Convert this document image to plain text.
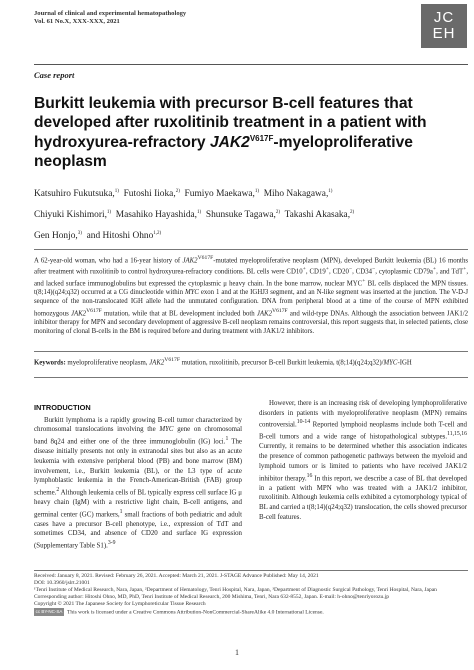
Journal of clinical and experimental hematopathology
Vol. 61 No.X, XXX-XXX, 2021	JC
EH
Case report
Burkitt leukemia with precursor B-cell features that
developed after ruxolitinib treatment in a patient with
hydroxyurea-refractory $JAK2^{V617F}$-myeloproliferative
neoplasm
Katsuhiro Fukutsuka,$^{1)}$ Futoshi Iioka,$^{2)}$ Fumiyo Maekawa,$^{1)}$ Miho Nakagawa,$^{1)}$
Chiyuki Kishimori,$^{1)}$ Masahiko Hayashida,$^{1)}$ Shunsuke Tagawa,$^{2)}$ Takashi Akasaka,$^{2)}$
Gen Honjo,$^{3)}$ and Hitoshi Ohno$^{1,2)}$
A 62-year-old woman, who had a 16-year history of $JAK2^{V617F}$-mutated myeloproliferative neoplasm (MPN), developed Burkitt leukemia (BL) 16 months after treatment with ruxolitinib to control hydroxyurea-refractory conditions. BL cells were CD10+, CD19+, CD20−, CD34−, cytoplasmic CD79a+, and TdT+, and lacked surface immunoglobulins but expressed the cytoplasmic μ heavy chain. In the bone marrow, nuclear MYC+ BL cells displaced the MPN tissues. t(8;14)(q24;q32) occurred at a CG dinucleotide within MYC exon 1 and at the IGHJ3 segment, and an N-like segment was inserted at the junction. The V-D-J sequence of the non-translocated IGH allele had the unmutated configuration. DNA from peripheral blood at a time of the course of MPN exhibited homozygous $JAK2^{V617F}$ mutation, while that at BL development included both $JAK2^{V617F}$ and wild-type DNAs. Although the association between JAK1/2 inhibitor therapy for MPN and secondary development of aggressive B-cell neoplasm remains controversial, this report suggests that, in selected patients, close monitoring of clonal B-cells in the BM is required before and during treatment with JAK1/2 inhibitors.
Keywords: myeloproliferative neoplasm, $JAK2^{V617F}$ mutation, ruxolitinib, precursor B-cell Burkitt leukemia, t(8;14)(q24;q32)/MYC-IGH
INTRODUCTION

Burkitt lymphoma is a rapidly growing B-cell tumor characterized by chromosomal translocations involving the MYC gene on chromosomal band 8q24 and either one of the three immunoglobulin (IG) loci.$^1$ The disease initially presents not only in extranodal sites but also as an acute leukemia with extensive peripheral blood (PB) and bone marrow (BM) involvement, i.e., Burkitt leukemia (BL), or the L3 type of acute lymphoblastic leukemia in the French-American-British (FAB) group scheme.$^2$ Although leukemia cells of BL typically express cell surface IG μ heavy chain (IgM) with a restrictive light chain, B-cell antigens, and germinal center (GC) markers,$^1$ small fractions of both pediatric and adult cases have a precursor B-cell phenotype, i.e., expression of TdT and sometimes CD34, and absence of CD20 and surface IG expression (Supplementary Table S1).$^{3-9}$

However, there is an increasing risk of developing lymphoproliferative disorders in patients with myeloproliferative neoplasm (MPN) remains controversial.$^{10-14}$ Reported lymphoid neoplasms include both T-cell and B-cell tumors and a wide range of histopathological subtypes.$^{11,15,16}$ Currently, it remains to be determined whether this association indicates the presence of common pathogenetic pathways between the myeloid and lymphoid tumors or is limited to patients who have received JAK1/2 inhibitor therapy.$^{16}$ In this report, we describe a case of BL that developed in a patient with MPN who was treated with a JAK1/2 inhibitor, ruxolitinib. Although leukemia cells exhibited a cytomorphology typical of BL and carried a t(8;14)(q24;q32) translocation, the cells showed precursor B-cell features.

Received: January 8, 2021. Revised: February 26, 2021. Accepted: March 21, 2021. J-STAGE Advance Published: May 14, 2021
DOI: 10.3960/jslrt.21001
¹Tenri Institute of Medical Research, Nara, Japan, ²Department of Hematology, Tenri Hospital, Nara, Japan, ³Department of Diagnostic Surgical Pathology, Tenri Hospital, Nara, Japan
Corresponding author: Hitoshi Ohno, MD, PhD, Tenri Institute of Medical Research, 200 Mishima, Tenri, Nara 632-8552, Japan. E-mail: h-ohno@tenriyorozu.jp
Copyright © 2021 The Japanese Society for Lymphoreticular Tissue Research
cc BY-NC-SA This work is licensed under a Creative Commons Attribution-NonCommercial-ShareAlike 4.0 International License.
1
